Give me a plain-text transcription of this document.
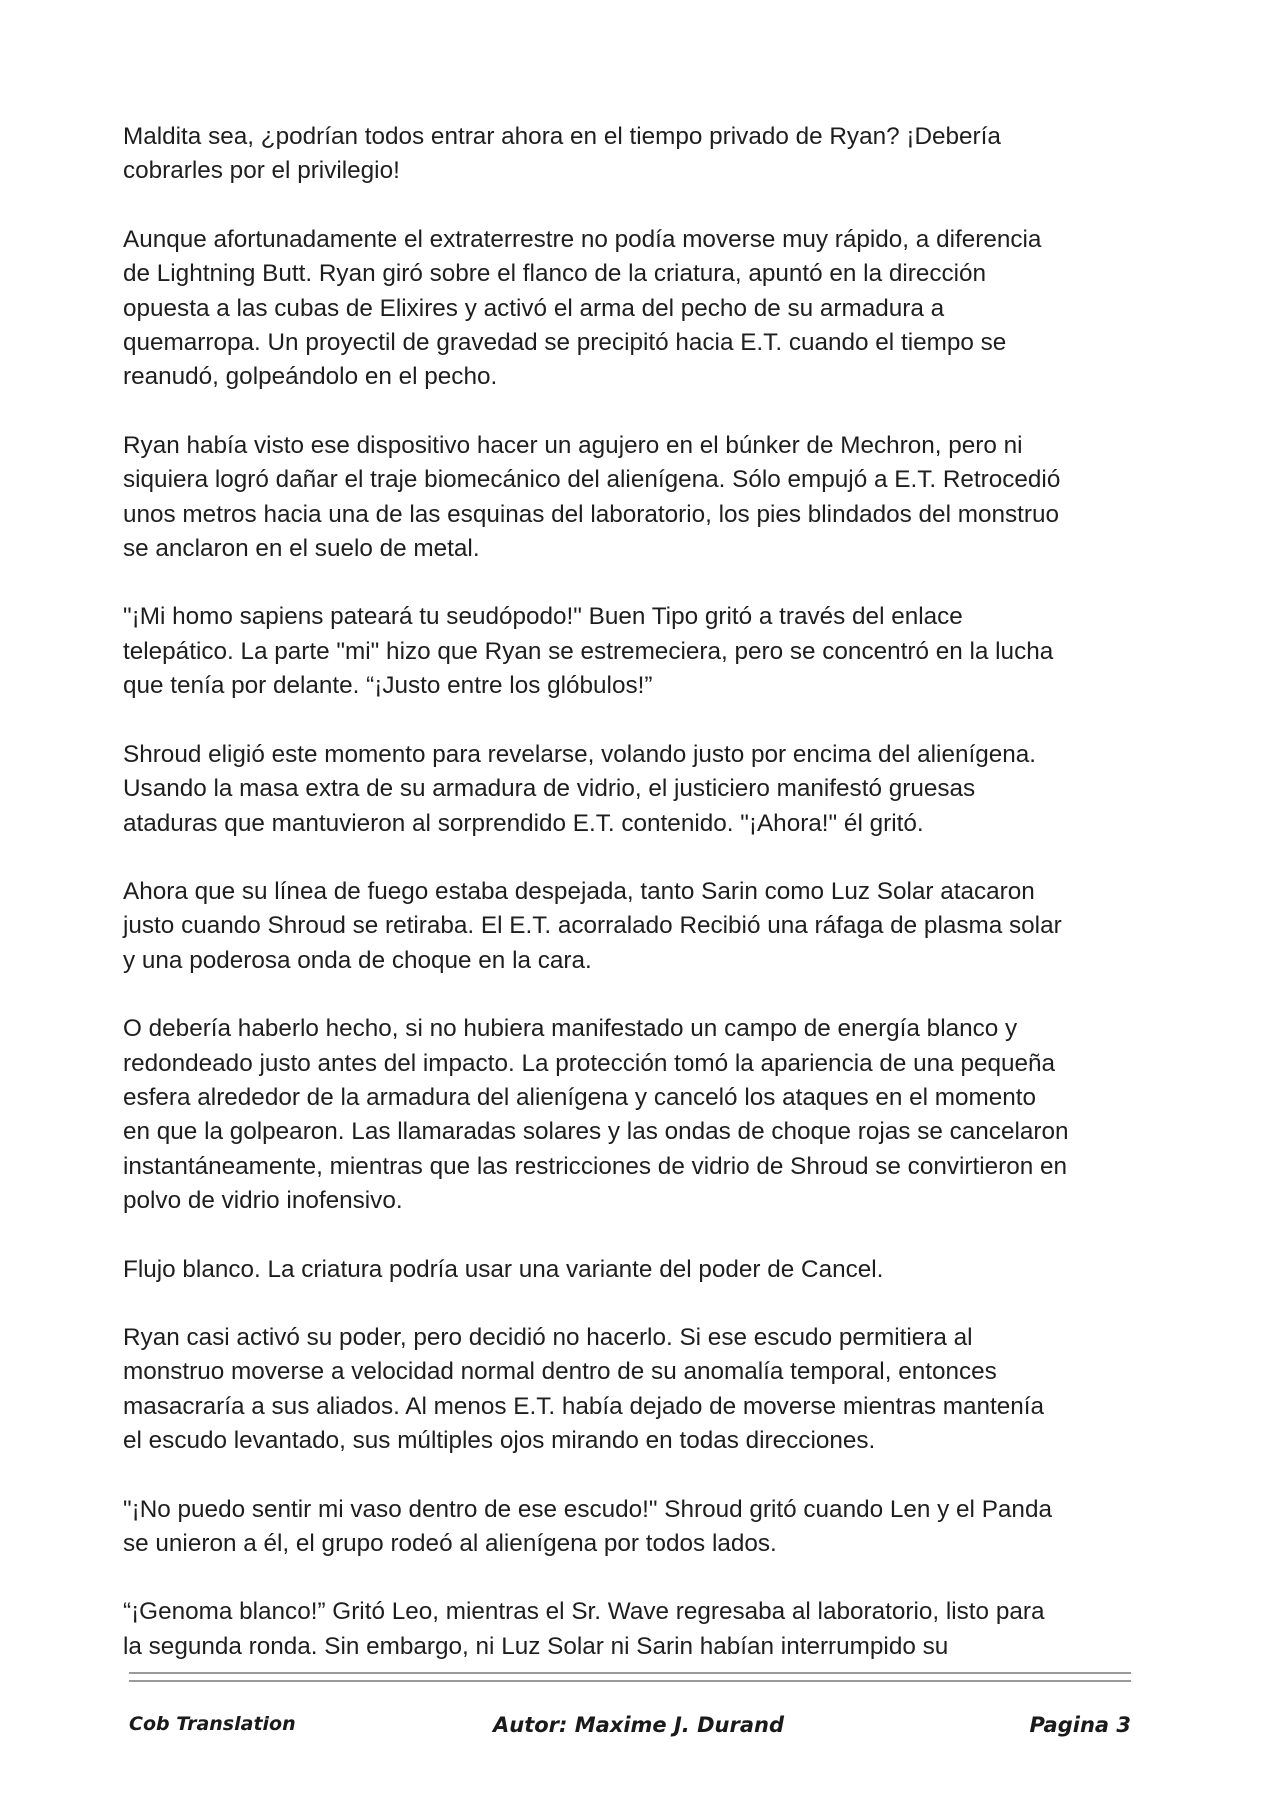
Maldita sea, ¿podrían todos entrar ahora en el tiempo privado de Ryan? ¡Debería
cobrarles por el privilegio!

Aunque afortunadamente el extraterrestre no podía moverse muy rápido, a diferencia
de Lightning Butt. Ryan giró sobre el flanco de la criatura, apuntó en la dirección
opuesta a las cubas de Elixires y activó el arma del pecho de su armadura a
quemarropa. Un proyectil de gravedad se precipitó hacia E.T. cuando el tiempo se
reanudó, golpeándolo en el pecho.

Ryan había visto ese dispositivo hacer un agujero en el búnker de Mechron, pero ni
siquiera logró dañar el traje biomecánico del alienígena. Sólo empujó a E.T. Retrocedió
unos metros hacia una de las esquinas del laboratorio, los pies blindados del monstruo
se anclaron en el suelo de metal.

"¡Mi homo sapiens pateará tu seudópodo!" Buen Tipo gritó a través del enlace
telepático. La parte "mi" hizo que Ryan se estremeciera, pero se concentró en la lucha
que tenía por delante. “¡Justo entre los glóbulos!”

Shroud eligió este momento para revelarse, volando justo por encima del alienígena.
Usando la masa extra de su armadura de vidrio, el justiciero manifestó gruesas
ataduras que mantuvieron al sorprendido E.T. contenido. "¡Ahora!" él gritó.

Ahora que su línea de fuego estaba despejada, tanto Sarin como Luz Solar atacaron
justo cuando Shroud se retiraba. El E.T. acorralado Recibió una ráfaga de plasma solar
y una poderosa onda de choque en la cara.

O debería haberlo hecho, si no hubiera manifestado un campo de energía blanco y
redondeado justo antes del impacto. La protección tomó la apariencia de una pequeña
esfera alrededor de la armadura del alienígena y canceló los ataques en el momento
en que la golpearon. Las llamaradas solares y las ondas de choque rojas se cancelaron
instantáneamente, mientras que las restricciones de vidrio de Shroud se convirtieron en
polvo de vidrio inofensivo.

Flujo blanco. La criatura podría usar una variante del poder de Cancel.

Ryan casi activó su poder, pero decidió no hacerlo. Si ese escudo permitiera al
monstruo moverse a velocidad normal dentro de su anomalía temporal, entonces
masacraría a sus aliados. Al menos E.T. había dejado de moverse mientras mantenía
el escudo levantado, sus múltiples ojos mirando en todas direcciones.

"¡No puedo sentir mi vaso dentro de ese escudo!" Shroud gritó cuando Len y el Panda
se unieron a él, el grupo rodeó al alienígena por todos lados.

“¡Genoma blanco!” Gritó Leo, mientras el Sr. Wave regresaba al laboratorio, listo para
la segunda ronda. Sin embargo, ni Luz Solar ni Sarin habían interrumpido su

Cob Translation	Autor: Maxime J. Durand	Pagina 3
